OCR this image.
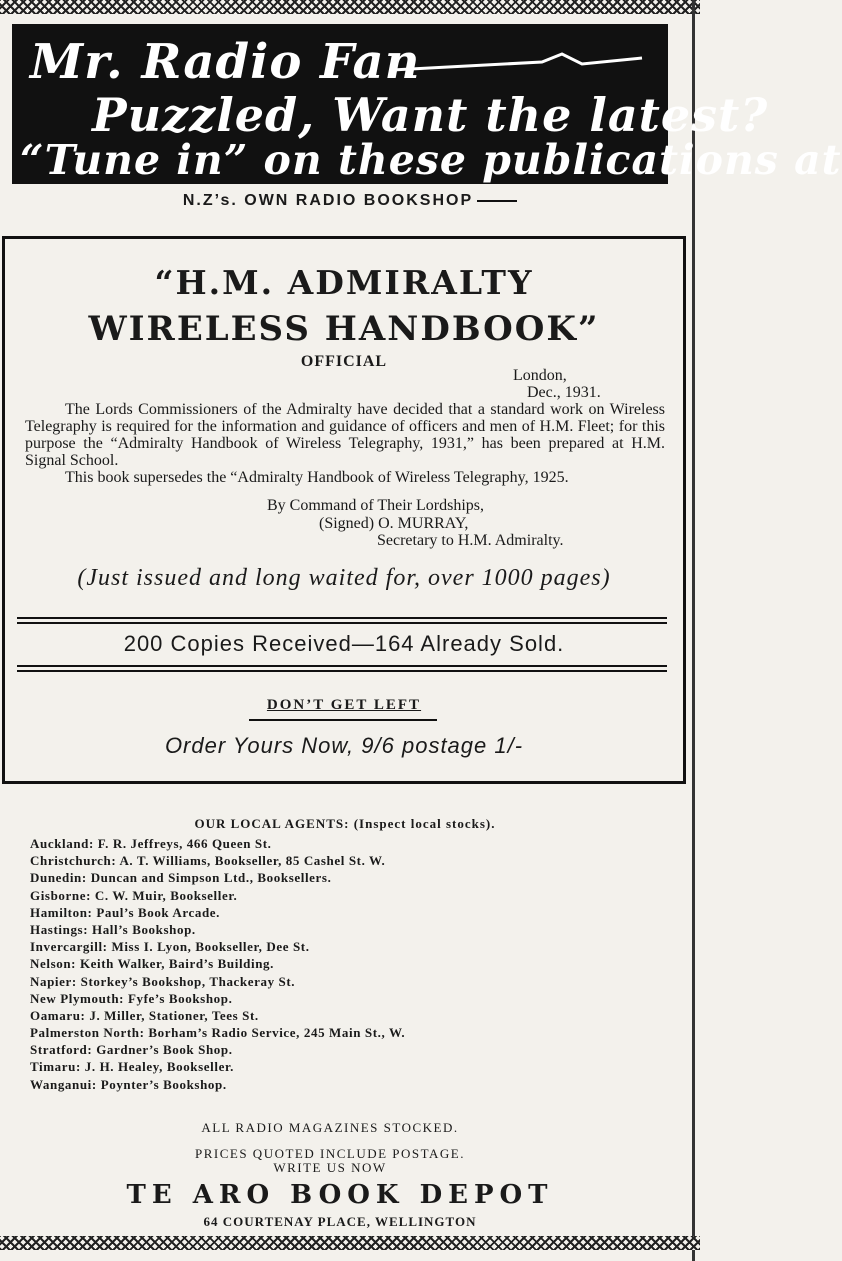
Mr. Radio Fan
Puzzled, Want the latest?
“Tune in” on these publications at
N.Z’s. OWN RADIO BOOKSHOP
“H.M. ADMIRALTY
WIRELESS HANDBOOK”
OFFICIAL
London,
Dec., 1931.

The Lords Commissioners of the Admiralty have decided that a standard work on Wireless Telegraphy is required for the information and guidance of officers and men of H.M. Fleet; for this purpose the “Admiralty Handbook of Wireless Telegraphy, 1931,” has been prepared at H.M. Signal School.

This book supersedes the “Admiralty Handbook of Wireless Telegraphy, 1925.

By Command of Their Lordships,
(Signed) O. MURRAY,
Secretary to H.M. Admiralty.
(Just issued and long waited for, over 1000 pages)
200 Copies Received—164 Already Sold.
DON’T GET LEFT
Order Yours Now, 9/6 postage 1/-
OUR LOCAL AGENTS: (Inspect local stocks).
Auckland: F. R. Jeffreys, 466 Queen St.
Christchurch: A. T. Williams, Bookseller, 85 Cashel St. W.
Dunedin: Duncan and Simpson Ltd., Booksellers.
Gisborne: C. W. Muir, Bookseller.
Hamilton: Paul’s Book Arcade.
Hastings: Hall’s Bookshop.
Invercargill: Miss I. Lyon, Bookseller, Dee St.
Nelson: Keith Walker, Baird’s Building.
Napier: Storkey’s Bookshop, Thackeray St.
New Plymouth: Fyfe’s Bookshop.
Oamaru: J. Miller, Stationer, Tees St.
Palmerston North: Borham’s Radio Service, 245 Main St., W.
Stratford: Gardner’s Book Shop.
Timaru: J. H. Healey, Bookseller.
Wanganui: Poynter’s Bookshop.
ALL RADIO MAGAZINES STOCKED.
PRICES QUOTED INCLUDE POSTAGE.
WRITE US NOW
TE ARO BOOK DEPOT
64 COURTENAY PLACE, WELLINGTON
